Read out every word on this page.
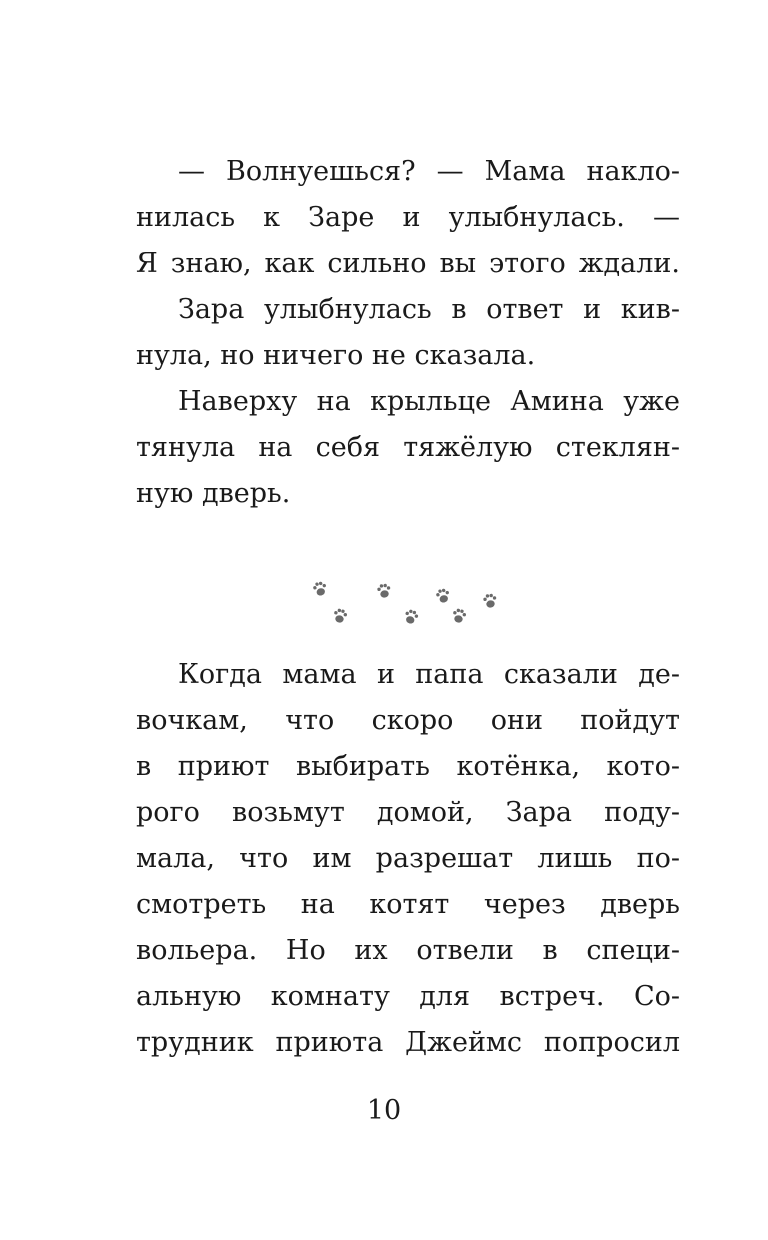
— Волнуешься? — Мама накло-
нилась к Заре и улыбнулась. —
Я знаю, как сильно вы этого ждали.
Зара улыбнулась в ответ и кив-
нула, но ничего не сказала.
Наверху на крыльце Амина уже
тянула на себя тяжёлую стеклян-
ную дверь.
Когда мама и папа сказали де-
вочкам, что скоро они пойдут
в приют выбирать котёнка, кото-
рого возьмут домой, Зара поду-
мала, что им разрешат лишь по-
смотреть на котят через дверь
вольера. Но их отвели в специ-
альную комнату для встреч. Со-
трудник приюта Джеймс попросил
10
